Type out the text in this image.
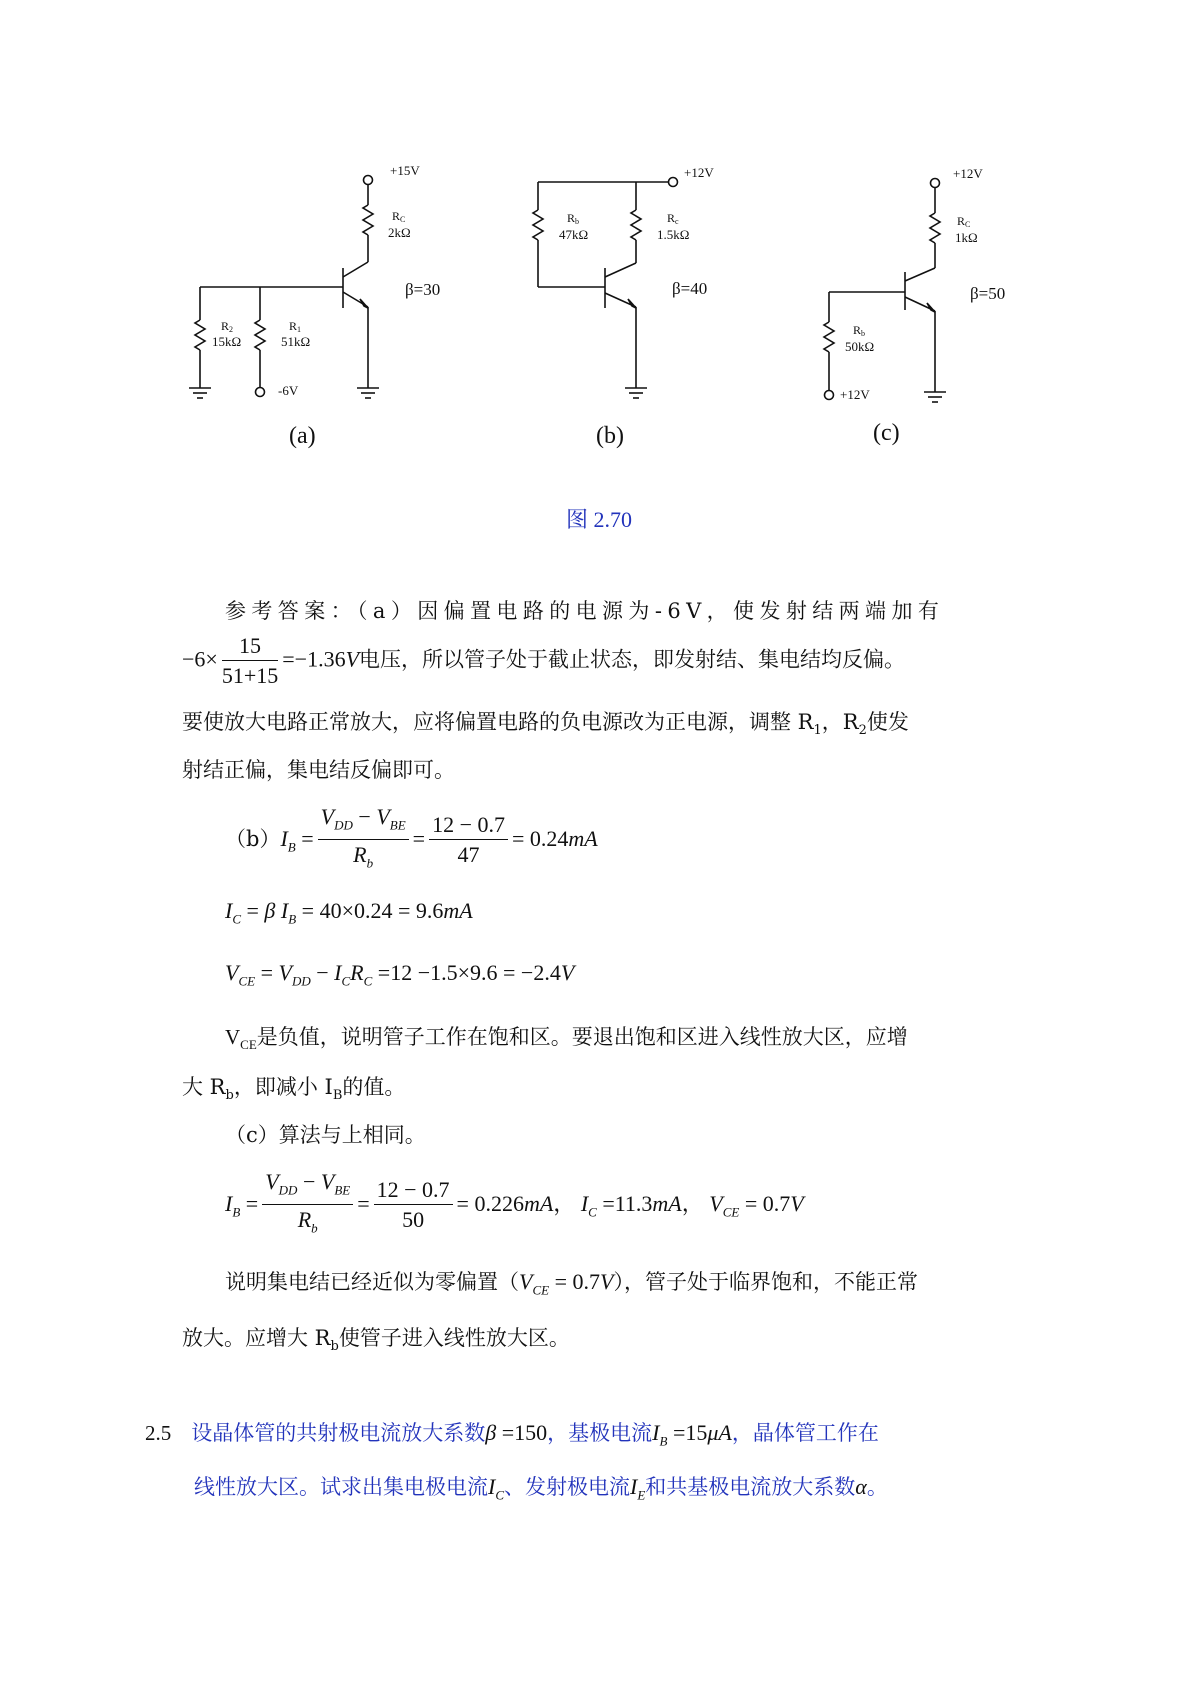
+15V
RC
2kΩ
β=30
R2
15kΩ
R1
51kΩ
-6V
(a)
+12V
Rb
47kΩ
Rc
1.5kΩ
β=40
(b)
+12V
RC
1kΩ
β=50
Rb
50kΩ
+12V
(c)
图 2.70
参考答案：（a）因偏置电路的电源为-6V，使发射结两端加有
$-6\times \frac{15}{51+15} =-1.36V$电压，所以管子处于截止状态，即发射结、集电结均反偏。
要使放大电路正常放大，应将偏置电路的负电源改为正电源，调整 $R_1$，$R_2$使发
射结正偏，集电结反偏即可。
$(b)I_B = \frac{V_{DD} - V_{BE}}{R_b} = \frac{12 - 0.7}{47} = 0.24mA$
$I_C = \beta$ $I_B = 40\times 0.24 = 9.6mA$
$V_{CE} = V_{DD} - I_CR_C =12 -1.5\times 9.6 = -2.4V$
$V_{CE}$是负值，说明管子工作在饱和区。要退出饱和区进入线性放大区，应增
大 $R_b$，即减小 $I_B$的值。
（c）算法与上相同。
$I_B = \frac{V_{DD} - V_{BE}}{R_b} = \frac{12 - 0.7}{50} = 0.226mA$， $I_C =11.3mA$， $V_{CE} = 0.7V$
说明集电结已经近似为零偏置$(V_{CE} = 0.7V)$，管子处于临界饱和，不能正常
放大。应增大 $R_b$使管子进入线性放大区。
2.5 设晶体管的共射极电流放大系数β =150，基极电流$I_B =15\mu A$，晶体管工作在
线性放大区。试求出集电极电流$I_C$、发射极电流$I_E$和共基极电流放大系数α。
